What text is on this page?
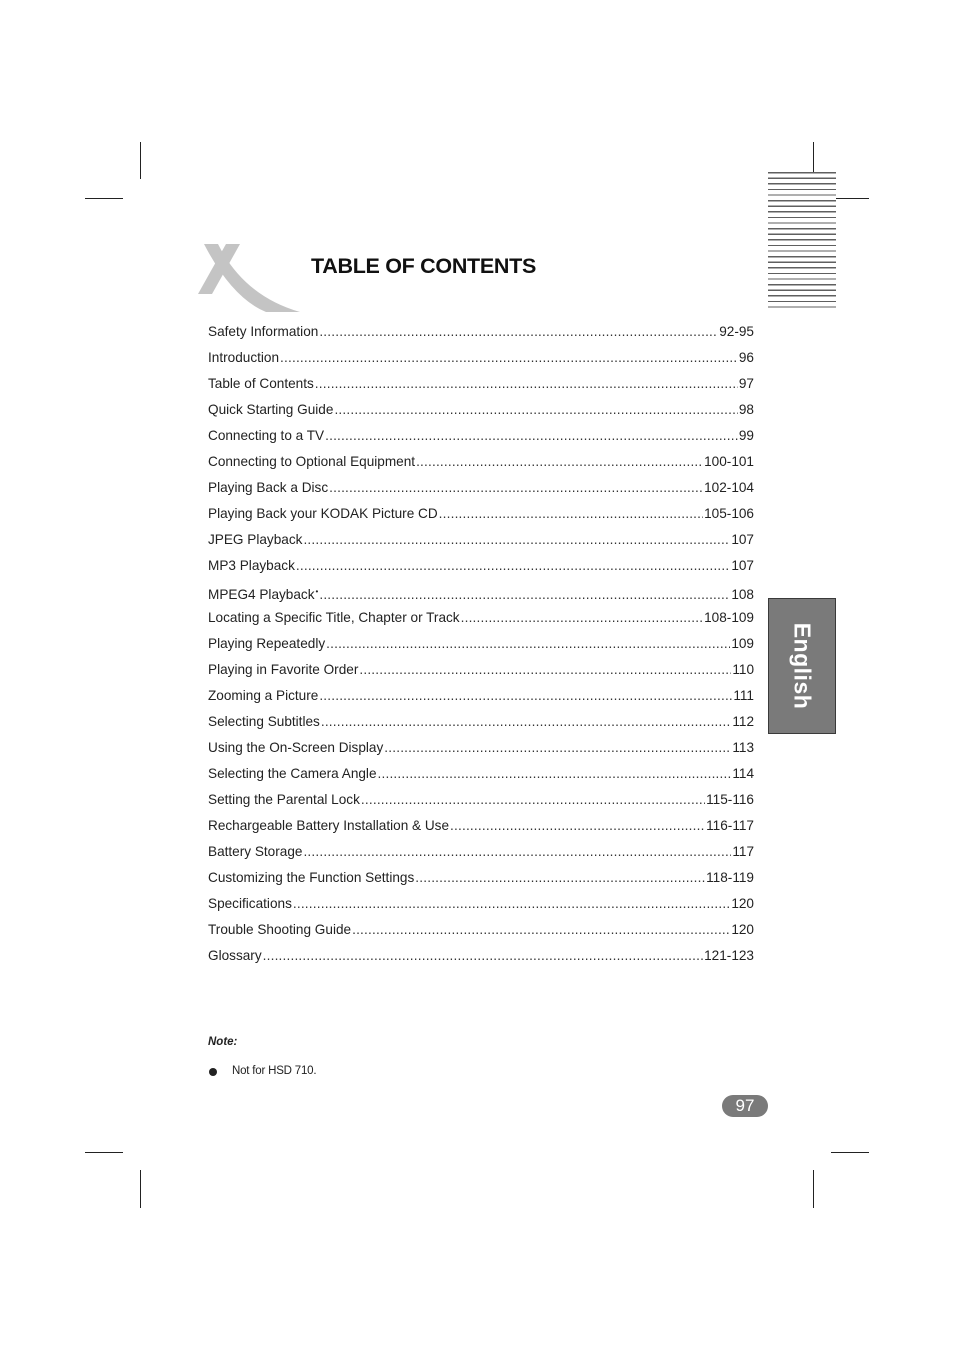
TABLE OF CONTENTS
Safety Information .....	92-95
Introduction .....	96
Table of Contents .....	97
Quick Starting Guide .....	98
Connecting to a TV .....	99
Connecting to Optional Equipment .....	100-101
Playing Back a Disc .....	102-104
Playing Back your KODAK Picture CD .....	105-106
JPEG Playback .....	107
MP3 Playback .....	107
MPEG4 Playback• .....	108
Locating a Specific Title, Chapter or Track .....	108-109
Playing Repeatedly .....	109
Playing in Favorite Order .....	110
Zooming a Picture .....	111
Selecting Subtitles .....	112
Using the On-Screen Display .....	113
Selecting the Camera Angle .....	114
Setting the Parental Lock .....	115-116
Rechargeable Battery Installation & Use .....	116-117
Battery Storage .....	117
Customizing the Function Settings .....	118-119
Specifications .....	120
Trouble Shooting Guide .....	120
Glossary .....	121-123
English
Note:
Not for HSD 710.
97
